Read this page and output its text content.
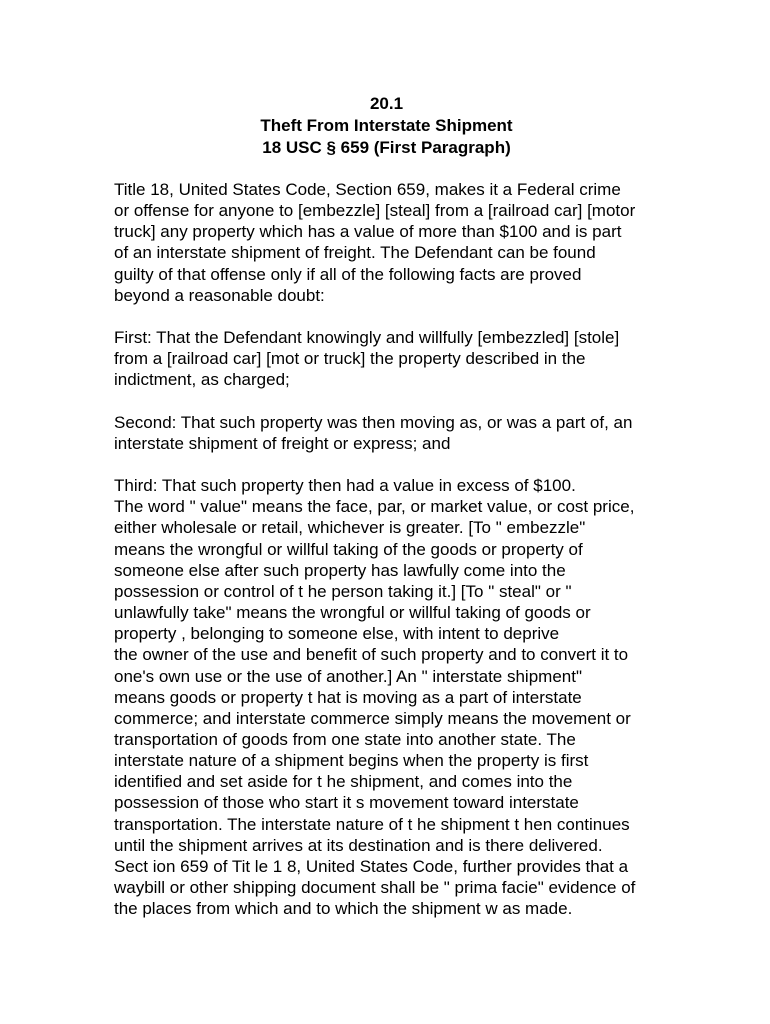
20.1
Theft From Interstate Shipment
18 USC § 659 (First Paragraph)

Title 18, United States Code, Section 659, makes it a Federal crime
or offense for anyone to [embezzle] [steal] from a [railroad car] [motor
truck] any property which has a value of more than $100 and is part
of an interstate shipment of freight. The Defendant can be found
guilty of that offense only if all of the following facts are proved
beyond a reasonable doubt:

First: That the Defendant knowingly and willfully [embezzled] [stole]
from a [railroad car] [mot or truck] the property described in the
indictment, as charged;

Second: That such property was then moving as, or was a part of, an
interstate shipment of freight or express; and

Third: That such property then had a value in excess of $100.

The word " value" means the face, par, or market value, or cost price,
either wholesale or retail, whichever is greater. [To " embezzle"
means the wrongful or willful taking of the goods or property of
someone else after such property has lawfully come into the
possession or control of t he person taking it.] [To " steal" or "
unlawfully take" means the wrongful or willful taking of goods or
property , belonging to someone else, with intent to deprive
the owner of the use and benefit of such property and to convert it to
one's own use or the use of another.] An " interstate shipment"
means goods or property t hat is moving as a part of interstate
commerce; and interstate commerce simply means the movement or
transportation of goods from one state into another state. The
interstate nature of a shipment begins when the property is first
identified and set aside for t he shipment, and comes into the
possession of those who start it s movement toward interstate
transportation. The interstate nature of t he shipment t hen continues
until the shipment arrives at its destination and is there delivered.
Sect ion 659 of Tit le 1 8, United States Code, further provides that a
waybill or other shipping document shall be " prima facie" evidence of
the places from which and to which the shipment w as made.
